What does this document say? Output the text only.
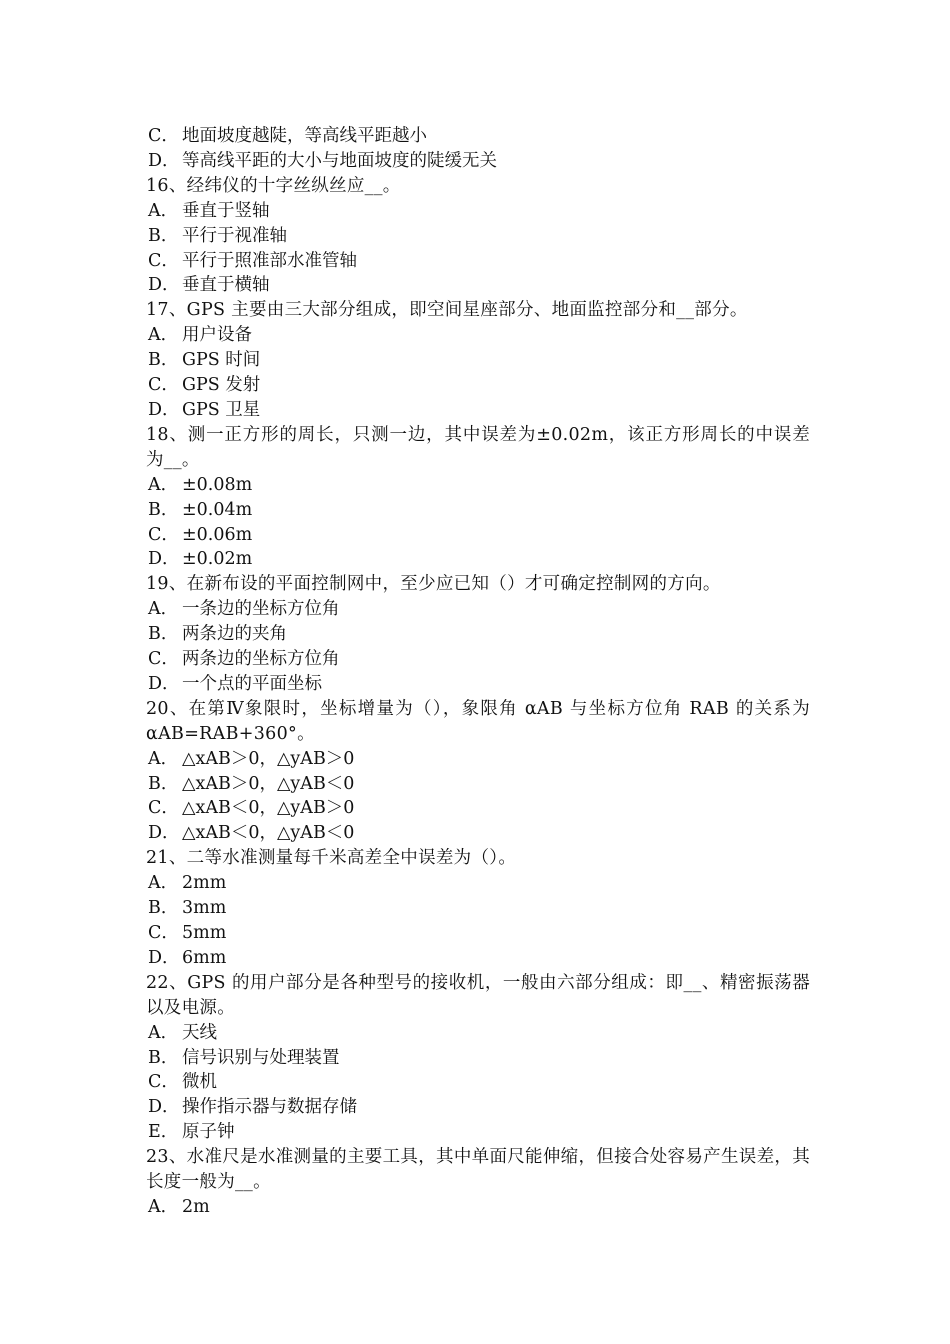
C． 地面坡度越陡，等高线平距越小
D． 等高线平距的大小与地面坡度的陡缓无关
16、经纬仪的十字丝纵丝应__。
A． 垂直于竖轴
B． 平行于视准轴
C． 平行于照准部水准管轴
D． 垂直于横轴
17、GPS 主要由三大部分组成，即空间星座部分、地面监控部分和__部分。
A． 用户设备
B． GPS 时间
C． GPS 发射
D． GPS 卫星
18、测一正方形的周长，只测一边，其中误差为±0.02m，该正方形周长的中误差为__。
A． ±0.08m
B． ±0.04m
C． ±0.06m
D． ±0.02m
19、在新布设的平面控制网中，至少应已知（）才可确定控制网的方向。
A． 一条边的坐标方位角
B． 两条边的夹角
C． 两条边的坐标方位角
D． 一个点的平面坐标
20、在第Ⅳ象限时，坐标增量为（），象限角 αAB 与坐标方位角 RAB 的关系为 αAB=RAB+360°。
A． △xAB＞0，△yAB＞0
B． △xAB＞0，△yAB＜0
C． △xAB＜0，△yAB＞0
D． △xAB＜0，△yAB＜0
21、二等水准测量每千米高差全中误差为（）。
A． 2mm
B． 3mm
C． 5mm
D． 6mm
22、GPS 的用户部分是各种型号的接收机，一般由六部分组成：即__、精密振荡器以及电源。
A． 天线
B． 信号识别与处理装置
C． 微机
D． 操作指示器与数据存储
E． 原子钟
23、水准尺是水准测量的主要工具，其中单面尺能伸缩，但接合处容易产生误差，其长度一般为__。
A． 2m
